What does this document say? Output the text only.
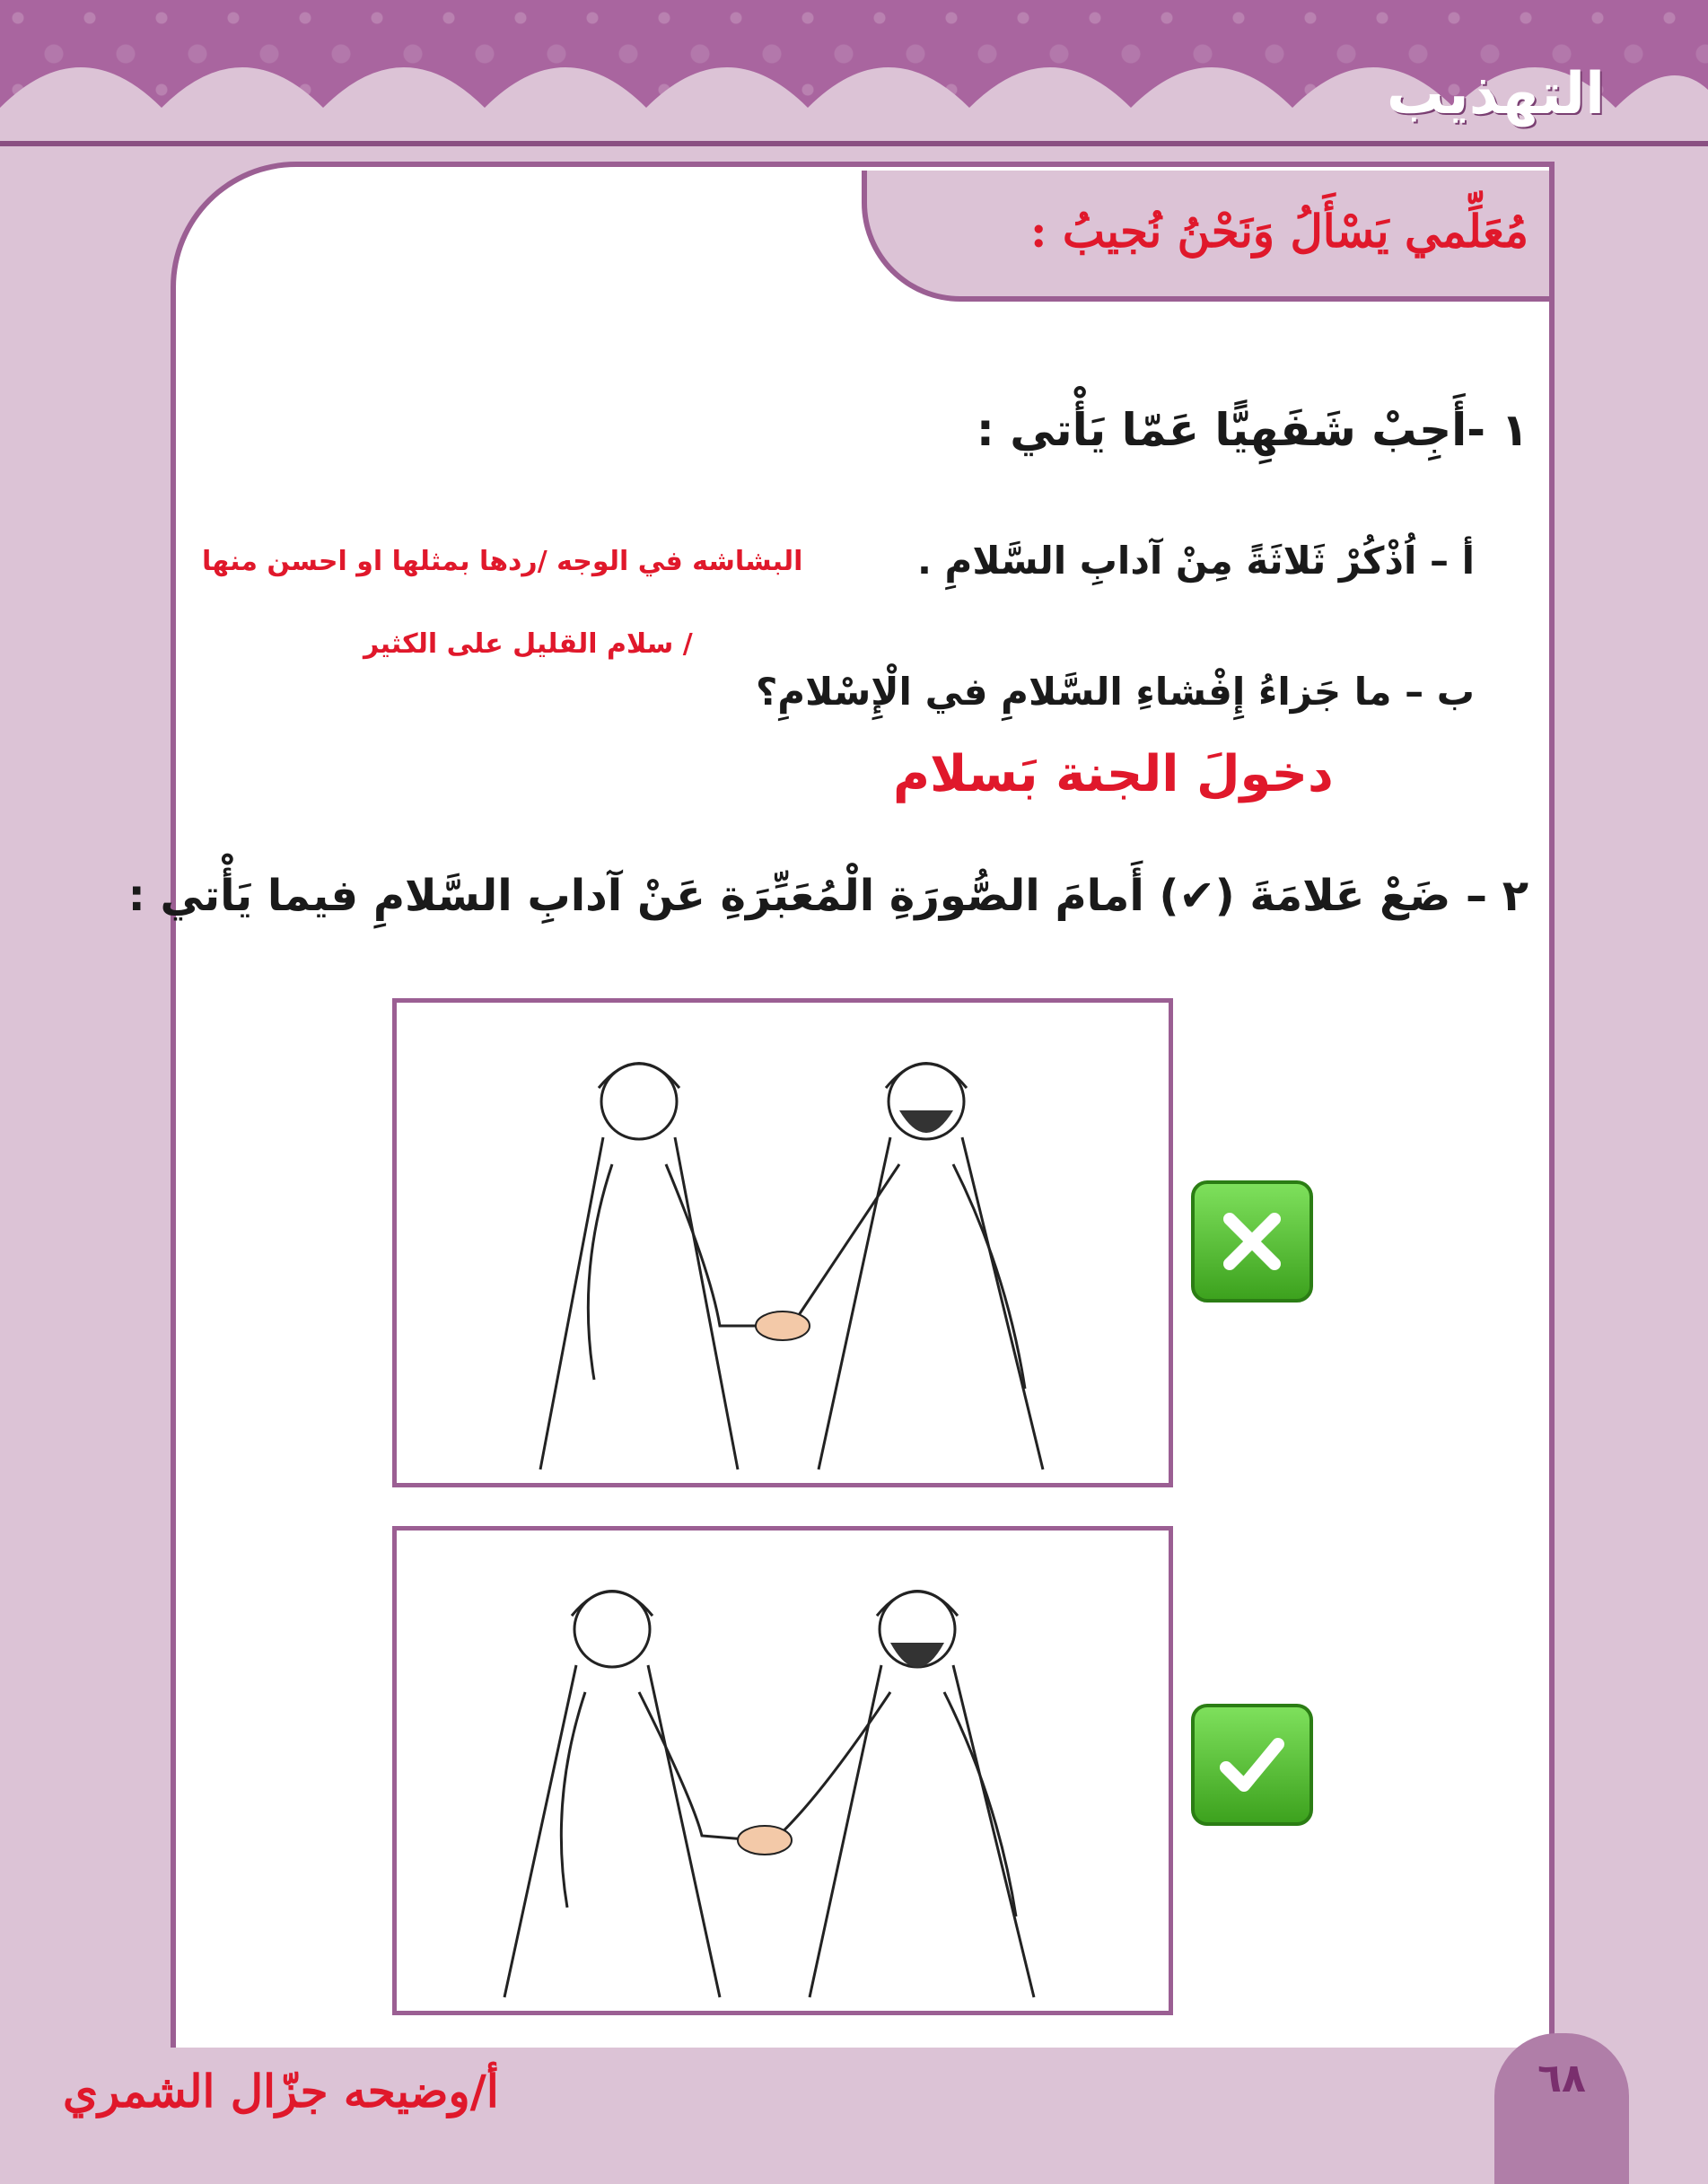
التهذيب
مُعَلِّمي يَسْأَلُ وَنَحْنُ نُجيبُ :

١ -أَجِبْ شَفَهِيًّا عَمّا يَأْتي :

أ – اُذْكُرْ ثَلاثَةً مِنْ آدابِ السَّلامِ .

البشاشه في الوجه /ردها بمثلها او احسن منها

/ سلام القليل على الكثير

ب – ما جَزاءُ إِفْشاءِ السَّلامِ في الْإِسْلامِ؟

دخولَ الجنة بَسلام

٢ – ضَعْ عَلامَةَ (✔) أَمامَ الصُّورَةِ الْمُعَبِّرَةِ عَنْ آدابِ السَّلامِ فيما يَأْتي :

أ/وضيحه جزّال الشمري	٦٨
